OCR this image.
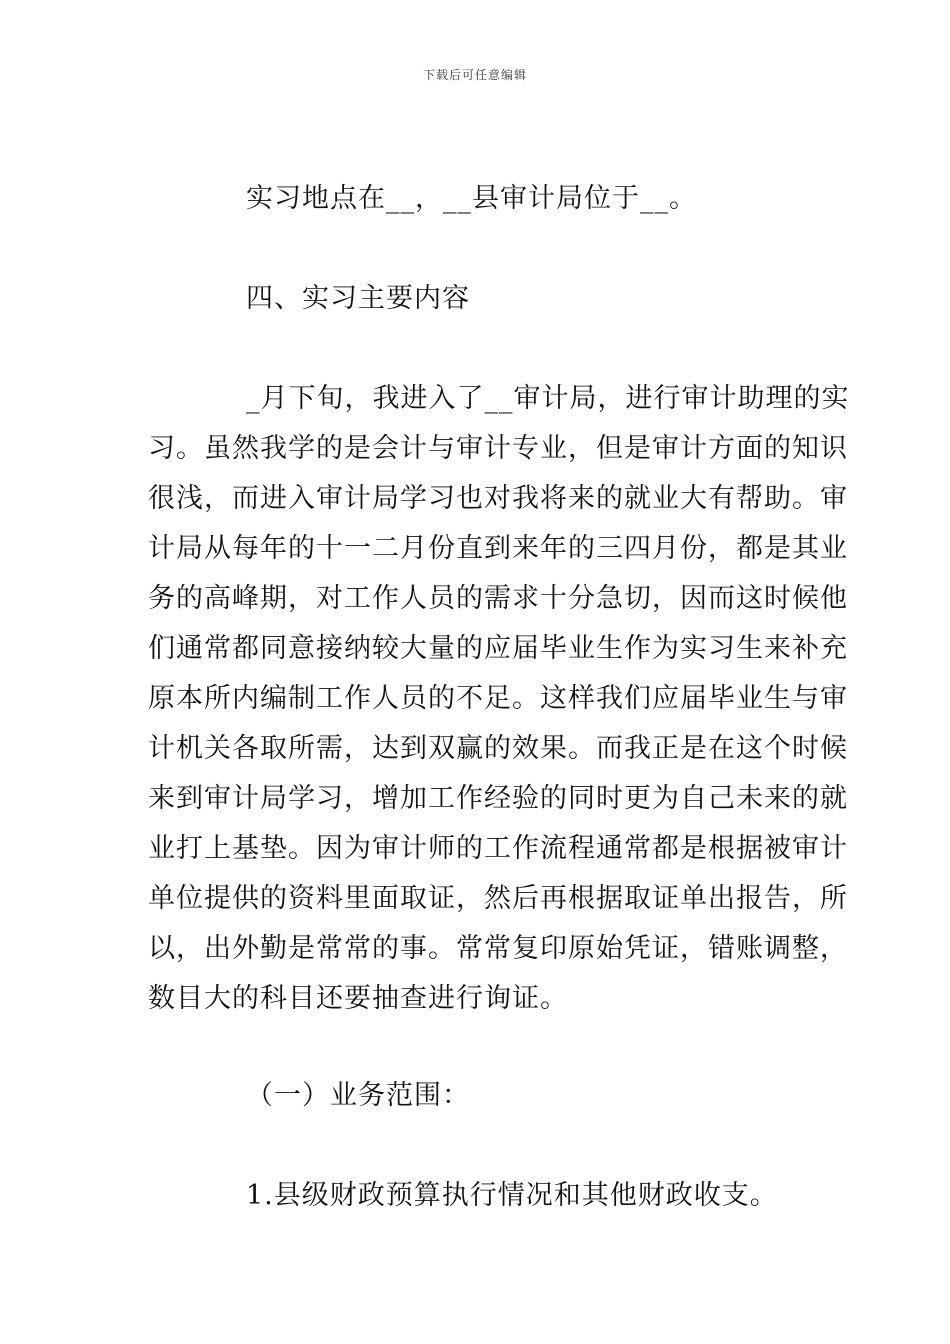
下载后可任意编辑
实习地点在__，__县审计局位于__。
四、实习主要内容
_月下旬，我进入了__审计局，进行审计助理的实
习。虽然我学的是会计与审计专业，但是审计方面的知识
很浅，而进入审计局学习也对我将来的就业大有帮助。审
计局从每年的十一二月份直到来年的三四月份，都是其业
务的高峰期，对工作人员的需求十分急切，因而这时候他
们通常都同意接纳较大量的应届毕业生作为实习生来补充
原本所内编制工作人员的不足。这样我们应届毕业生与审
计机关各取所需，达到双赢的效果。而我正是在这个时候
来到审计局学习，增加工作经验的同时更为自己未来的就
业打上基垫。因为审计师的工作流程通常都是根据被审计
单位提供的资料里面取证，然后再根据取证单出报告，所
以，出外勤是常常的事。常常复印原始凭证，错账调整，
数目大的科目还要抽查进行询证。
（一）业务范围：
1.县级财政预算执行情况和其他财政收支。
